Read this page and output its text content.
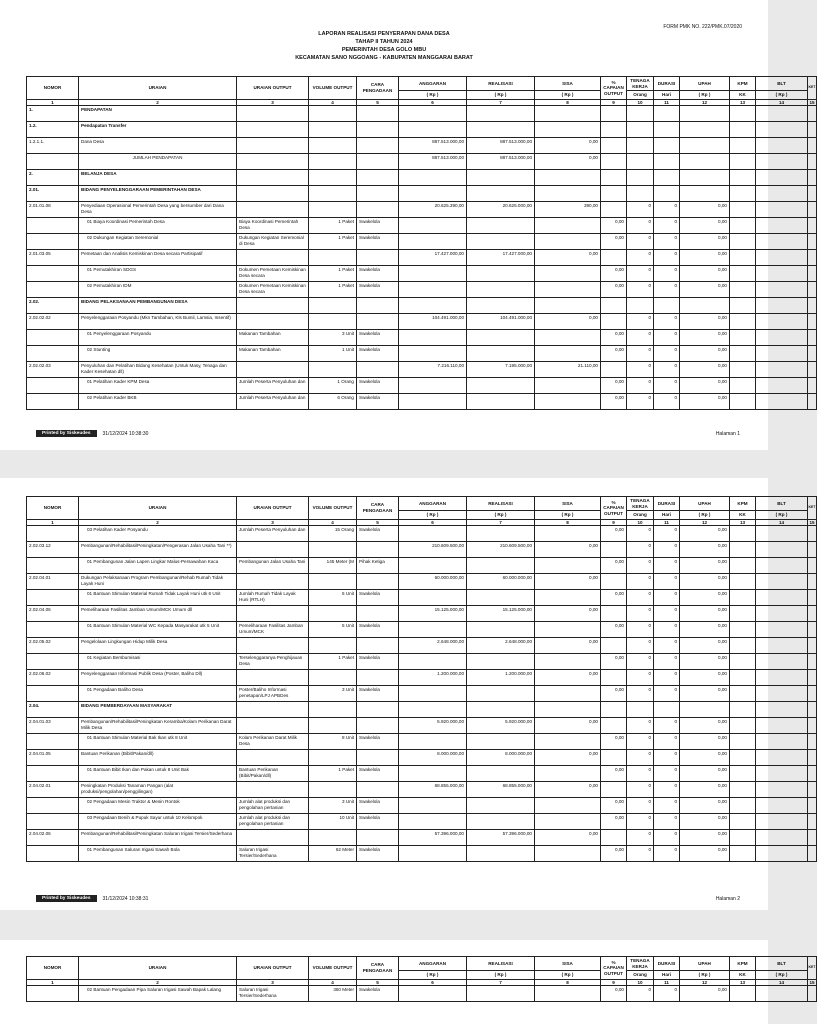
FORM PMK NO. 222/PMK.07/2020
LAPORAN REALISASI PENYERAPAN DANA DESA
TAHAP II TAHUN 2024
PEMERINTAH DESA GOLO MBU
KECAMATAN SANO NGGOANG - KABUPATEN MANGGARAI BARAT
NOMOR	URAIAN	URAIAN OUTPUT	VOLUME OUTPUT	CARA PENGADAAN	ANGGARAN	REALISASI	SISA	% CAPAIAN OUTPUT	TENAGA KERJA	DURASI	UPAH	KPM	BLT	KET
					( Rp )	( Rp )	( Rp )		Orang	Hari	( Rp )	KK	( Rp )	
1	2	3	4	5	6	7	8	9	10	11	12	13	14	15
1.	PENDAPATAN													
1.2.	Pendapatan Transfer													
1.2.1.1.	Dana Desa				887.513.000,00	887.513.000,00	0,00							
	JUMLAH PENDAPATAN				887.513.000,00	887.513.000,00	0,00							
2.	BELANJA DESA													
2.01.	BIDANG PENYELENGGARAAN PEMERINTAHAN DESA													
2.01.01.08	Penyediaan Operasional Pemerintah Desa yang bersumber dari Dana Desa				20.625.390,00	20.625.000,00	390,00		0	0	0,00			
	01 Biaya Koordinasi Pemerintah Desa	Biaya Koordinasi Pemerintah Desa	1 Paket	Swakelola				0,00	0	0	0,00			
	02 Dukungan Kegiatan Seremonial	Dukungan Kegiatan Seremonial di Desa	1 Paket	Swakelola				0,00	0	0	0,00			
2.01.03.05	Pemetaan dan Analisis Kemiskinan Desa secara Partisipatif				17.427.000,00	17.427.000,00	0,00		0	0	0,00			
	01 Pemutakhiran SDGS	Dokumen Pemetaan Kemiskinan Desa secara	1 Paket	Swakelola				0,00	0	0	0,00			
	02 Pemutakhiran IDM	Dokumen Pemetaan Kemiskinan Desa secara	1 Paket	Swakelola				0,00	0	0	0,00			
2.02.	BIDANG PELAKSANAAN PEMBANGUNAN DESA													
2.02.02.02	Penyelenggaraan Posyandu (Mkn Tambahan, Kls Bumil, Lamsia, Insentif)				104.491.000,00	104.491.000,00	0,00		0	0	0,00			
	01 Penyelenggaraan Posyandu	Makanan Tambahan	3 Unit	Swakelola				0,00	0	0	0,00			
	02 Stunting	Makanan Tambahan	1 Unit	Swakelola				0,00	0	0	0,00			
2.02.02.03	Penyuluhan dan Pelatihan Bidang Kesehatan (Untuk Masy, Tenaga dan Kader Kesehatan dll)				7.216.110,00	7.195.000,00	21.110,00		0	0	0,00			
	01 Pelatihan Kader KPM Desa	Jumlah Peserta Penyuluhan dan	1 Orang	Swakelola				0,00	0	0	0,00			
	02 Pelatihan Kader BKB	Jumlah Peserta Penyuluhan dan	6 Orang	Swakelola				0,00	0	0	0,00			
Printed by Siskeudes	31/12/2024 10:38:30	Halaman 1
NOMOR	URAIAN	URAIAN OUTPUT	VOLUME OUTPUT	CARA PENGADAAN	ANGGARAN	REALISASI	SISA	% CAPAIAN OUTPUT	TENAGA KERJA	DURASI	UPAH	KPM	BLT	KET
					( Rp )	( Rp )	( Rp )		Orang	Hari	( Rp )	KK	( Rp )	
1	2	3	4	5	6	7	8	9	10	11	12	13	14	15
	03 Pelatihan Kader Posyandu	Jumlah Peserta Penyuluhan dan	15 Orang	Swakelola				0,00	0	0	0,00			
2.02.03.12	Pembangunan/Rehabilitasi/Peningkatan/Pengerasan Jalan Usaha Tani **)				210.609.500,00	210.609.500,00	0,00		0	0	0,00			
	01 Pembangunan Jalan Lapen Lingkar Malus-Persawahan Kaca	Pembangunan Jalan Usaha Tani	145 Meter (M	Pihak Ketiga				0,00	0	0	0,00			
2.02.04.01	Dukungan Pelaksanaan Program Pembangunan/Rehab Rumah Tidak Layak Huni				60.000.000,00	60.000.000,00	0,00		0	0	0,00			
	01 Bantuan Stimulan Material Rumah Tidak Layak Huni utk 6 Unit	Jumlah Rumah Tidak Layak Huni (RTLH)	6 Unit	Swakelola				0,00	0	0	0,00			
2.02.04.06	Pemeliharaan Fasilitas Jamban Umum/MCK Umum dll				15.125.000,00	15.125.000,00	0,00		0	0	0,00			
	01 Bantuan Stimulan Material WC Kepada Masyarakat utk 5 Unit	Pemeliharaan Fasilitas Jamban Umum/MCK	5 Unit	Swakelola				0,00	0	0	0,00			
2.02.05.02	Pengelolaan Lingkungan Hidup Milik Desa				2.648.000,00	2.648.000,00	0,00		0	0	0,00			
	01 Kegiatan Bersbumisasi	Terselenggaranya Penghijauan Desa	1 Paket	Swakelola				0,00	0	0	0,00			
2.02.06.02	Penyelenggaraan Informasi Publik Desa (Poster, Baliho Dll)				1.200.000,00	1.200.000,00	0,00		0	0	0,00			
	01 Pengadaan Baliho Desa	Poster/Baliho Informasi penetapan/LPJ APBDes	3 Unit	Swakelola				0,00	0	0	0,00			
2.04.	BIDANG PEMBERDAYAAN MASYARAKAT													
2.04.01.03	Pembangunan/Rehabilitasi/Peningkatan Keramba/Kolam Perikanan Darat Milik Desa				5.920.000,00	5.920.000,00	0,00		0	0	0,00			
	01 Bantuan Stimulan Material Bak Ikan utk 8 Unit	Kolam Perikanan Darat Milik Desa	8 Unit	Swakelola				0,00	0	0	0,00			
2.04.01.05	Bantuan Perikanan (Bibit/Pakan/dll)				8.000.000,00	8.000.000,00	0,00		0	0	0,00			
	01 Bantuan Bibit Ikan dan Pakan untuk 8 Unit Bak	Bantuan Perikanan (Bibit/Pakan/dll)	1 Paket	Swakelola				0,00	0	0	0,00			
2.04.02.01	Peningkatan Produksi Tanaman Pangan (alat produksi/pengolahan/penggilingan)				68.855.000,00	68.855.000,00	0,00		0	0	0,00			
	02 Pengadaan Mesin Traktor & Mesin Rontok	Jumlah alat produksi dan pengolahan pertanian	3 Unit	Swakelola				0,00	0	0	0,00			
	03 Pengadaan Benih & Pupuk Sayur untuk 10 Kelompok	Jumlah alat produksi dan pengolahan pertanian	10 Unit	Swakelola				0,00	0	0	0,00			
2.04.02.06	Pembangunan/Rehabilitasi/Peningkatan Saluran Irigasi Tersier/Sederhana				57.396.000,00	57.396.000,00	0,00		0	0	0,00			
	01 Pembangunan Saluran Irigasi Sawah Bola	Saluran Irigasi Tersier/Sederhana	62 Meter	Swakelola				0,00	0	0	0,00			
Printed by Siskeudes	31/12/2024 10:38:31	Halaman 2
NOMOR	URAIAN	URAIAN OUTPUT	VOLUME OUTPUT	CARA PENGADAAN	ANGGARAN	REALISASI	SISA	% CAPAIAN OUTPUT	TENAGA KERJA	DURASI	UPAH	KPM	BLT	KET
					( Rp )	( Rp )	( Rp )		Orang	Hari	( Rp )	KK	( Rp )	
1	2	3	4	5	6	7	8	9	10	11	12	13	14	15
	02 Bantuan Pengadaan Pipa Saluran Irigasi Sawah Bapak Lalang	Saluran Irigasi Tersier/Sederhana	360 Meter	Swakelola				0,00	0	0	0,00			
